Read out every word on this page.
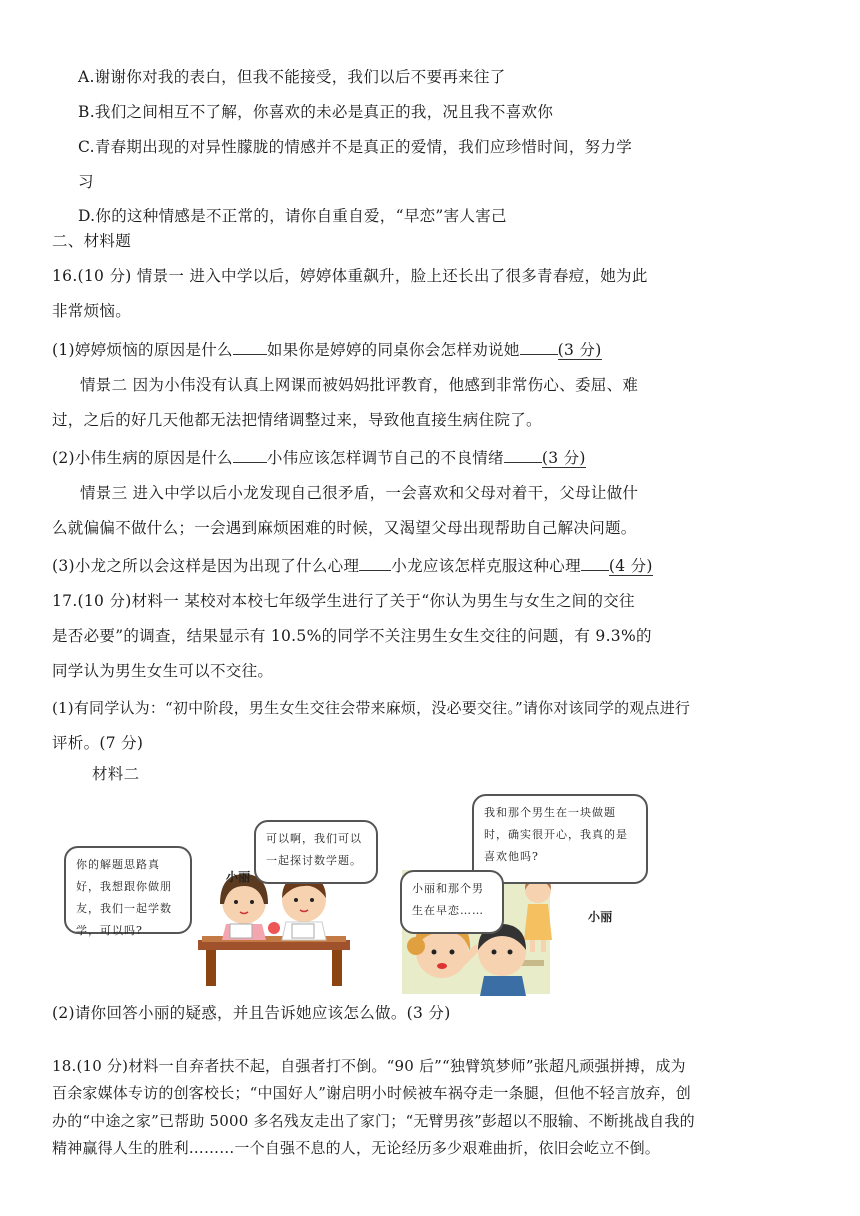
A.谢谢你对我的表白，但我不能接受，我们以后不要再来往了
B.我们之间相互不了解，你喜欢的未必是真正的我，况且我不喜欢你
C.青春期出现的对异性朦胧的情感并不是真正的爱情，我们应珍惜时间，努力学
习
D.你的这种情感是不正常的，请你自重自爱，“早恋”害人害己
二、材料题
16.(10 分) 情景一 进入中学以后，婷婷体重飙升，脸上还长出了很多青春痘，她为此
非常烦恼。
(1)婷婷烦恼的原因是什么 如果你是婷婷的同桌你会怎样劝说她 (3 分)
情景二 因为小伟没有认真上网课而被妈妈批评教育，他感到非常伤心、委屈、难
过，之后的好几天他都无法把情绪调整过来，导致他直接生病住院了。
(2)小伟生病的原因是什么 小伟应该怎样调节自己的不良情绪 (3 分)
情景三 进入中学以后小龙发现自己很矛盾，一会喜欢和父母对着干，父母让做什
么就偏偏不做什么；一会遇到麻烦困难的时候，又渴望父母出现帮助自己解决问题。
(3)小龙之所以会这样是因为出现了什么心理 小龙应该怎样克服这种心理 (4 分)
17.(10 分)材料一 某校对本校七年级学生进行了关于“你认为男生与女生之间的交往
是否必要”的调查，结果显示有 10.5%的同学不关注男生女生交往的问题，有 9.3%的
同学认为男生女生可以不交往。
(1)有同学认为：“初中阶段，男生女生交往会带来麻烦，没必要交往。”请你对该同学的观点进行
评析。(7 分)
材料二
你的解题思路真好，我想跟你做朋友，我们一起学数学，可以吗?
可以啊，我们可以一起探讨数学题。
小丽
我和那个男生在一块做题时，确实很开心，我真的是喜欢他吗?
小丽和那个男生在早恋……	小丽
(2)请你回答小丽的疑惑，并且告诉她应该怎么做。(3 分)
18.(10 分)材料一自弃者扶不起，自强者打不倒。“90 后”“独臂筑梦师”张超凡顽强拼搏，成为
百余家媒体专访的创客校长；“中国好人”谢启明小时候被车祸夺走一条腿，但他不轻言放弃，创
办的“中途之家”已帮助 5000 多名残友走出了家门；“无臂男孩”彭超以不服输、不断挑战自我的
精神赢得人生的胜利………一个自强不息的人，无论经历多少艰难曲折，依旧会屹立不倒。
